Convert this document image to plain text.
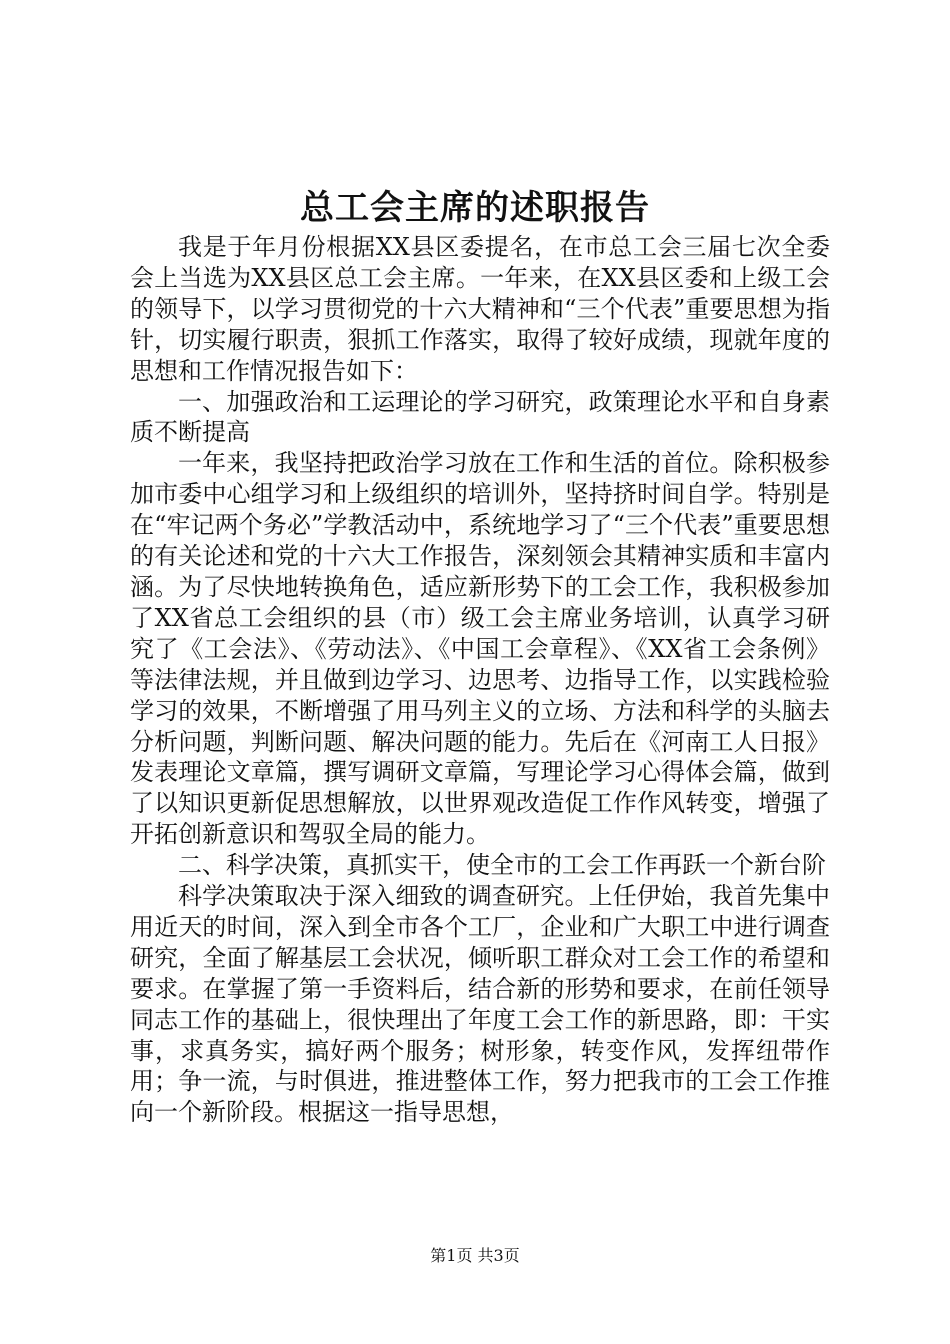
总工会主席的述职报告

我是于年月份根据XX县区委提名，在市总工会三届七次全委会上当选为XX县区总工会主席。一年来，在XX县区委和上级工会的领导下，以学习贯彻党的十六大精神和“三个代表”重要思想为指针，切实履行职责，狠抓工作落实，取得了较好成绩，现就年度的思想和工作情况报告如下：

一、加强政治和工运理论的学习研究，政策理论水平和自身素质不断提高

一年来，我坚持把政治学习放在工作和生活的首位。除积极参加市委中心组学习和上级组织的培训外，坚持挤时间自学。特别是在“牢记两个务必”学教活动中，系统地学习了“三个代表”重要思想的有关论述和党的十六大工作报告，深刻领会其精神实质和丰富内涵。为了尽快地转换角色，适应新形势下的工会工作，我积极参加了XX省总工会组织的县（市）级工会主席业务培训，认真学习研究了《工会法》、《劳动法》、《中国工会章程》、《XX省工会条例》等法律法规，并且做到边学习、边思考、边指导工作，以实践检验学习的效果，不断增强了用马列主义的立场、方法和科学的头脑去分析问题，判断问题、解决问题的能力。先后在《河南工人日报》发表理论文章篇，撰写调研文章篇，写理论学习心得体会篇，做到了以知识更新促思想解放，以世界观改造促工作作风转变，增强了开拓创新意识和驾驭全局的能力。

二、科学决策，真抓实干，使全市的工会工作再跃一个新台阶

科学决策取决于深入细致的调查研究。上任伊始，我首先集中用近天的时间，深入到全市各个工厂，企业和广大职工中进行调查研究，全面了解基层工会状况，倾听职工群众对工会工作的希望和要求。在掌握了第一手资料后，结合新的形势和要求，在前任领导同志工作的基础上，很快理出了年度工会工作的新思路，即：干实事，求真务实，搞好两个服务；树形象，转变作风，发挥纽带作用；争一流，与时俱进，推进整体工作，努力把我市的工会工作推向一个新阶段。根据这一指导思想，

第1页 共3页
